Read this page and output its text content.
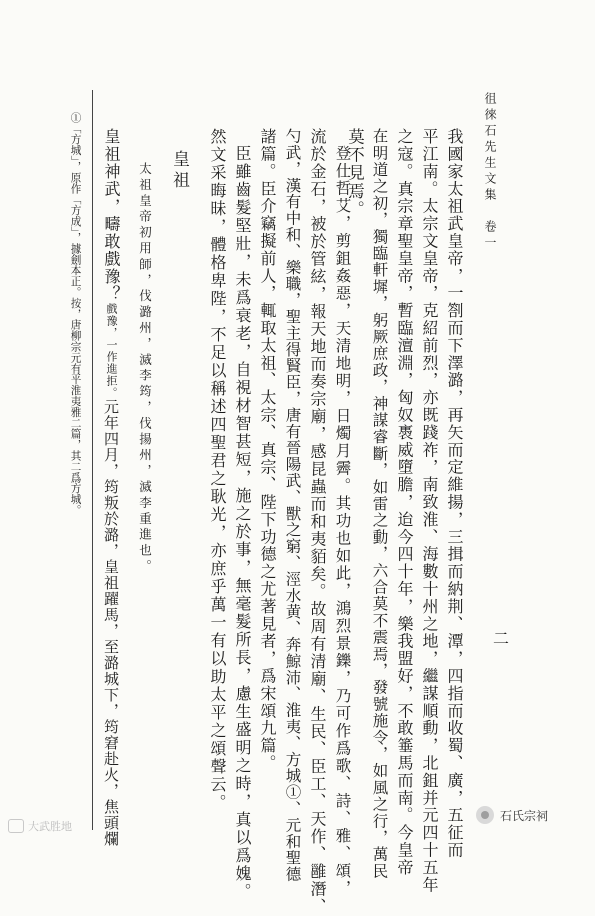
徂徠石先生文集　卷一
二
我國家太祖武皇帝，一劄而下澤潞，再矢而定維揚，三揖而納荆、潭，四指而收蜀、廣，五征而
平江南。太宗文皇帝，克紹前烈，亦既踐祚，南致淮、海數十州之地，繼謀順動，北鉏并元四十五年
之寇。真宗章聖皇帝，暫臨澶淵，匈奴褭威墮膽，迨今四十年，樂我盟好，不敢箠馬而南。今皇帝
在明道之初，獨臨軒墀，躬厥庶政，神謀睿斷，如雷之動，六合莫不震焉，發號施令，如風之行，萬民
莫不見焉。
登仕哲艾，剪鉏姦惡，天清地明，日燭月霽。其功也如此，鴻烈景鑠，乃可作爲歌、詩、雅、頌，
流於金石，被於管絃，報天地而奏宗廟，感昆蟲而和夷貊矣。故周有清廟、生民、臣工、天作、雝潛、
勺武，漢有中和、樂職，聖主得賢臣，唐有晉陽武、獸之窮、涇水黄、奔鯨沛、淮夷、方城①、元和聖德
諸篇。臣介竊擬前人，輒取太祖、太宗、真宗、陛下功德之尤著見者，爲宋頌九篇。
臣雖齒髮堅壯，未爲衰老，自視材智甚短，施之於事，無毫髮所長，慮生盛明之時，真以爲媿。
然文采晦昧，體格卑陛，不足以稱述四聖君之耿光，亦庶乎萬一有以助太平之頌聲云。
皇祖
太祖皇帝初用師，伐潞州，滅李筠，伐揚州，滅李重進也。
皇祖神武，疇敢戲豫？戲豫，一作進拒。元年四月，筠叛於潞，皇祖躍馬，至潞城下，筠窘赴火，焦頭爛
①「方城」，原作「方成」，據劍本正。按，唐柳宗元有平淮夷雅二篇，其二爲方城。
大武胜地
石氏宗祠
